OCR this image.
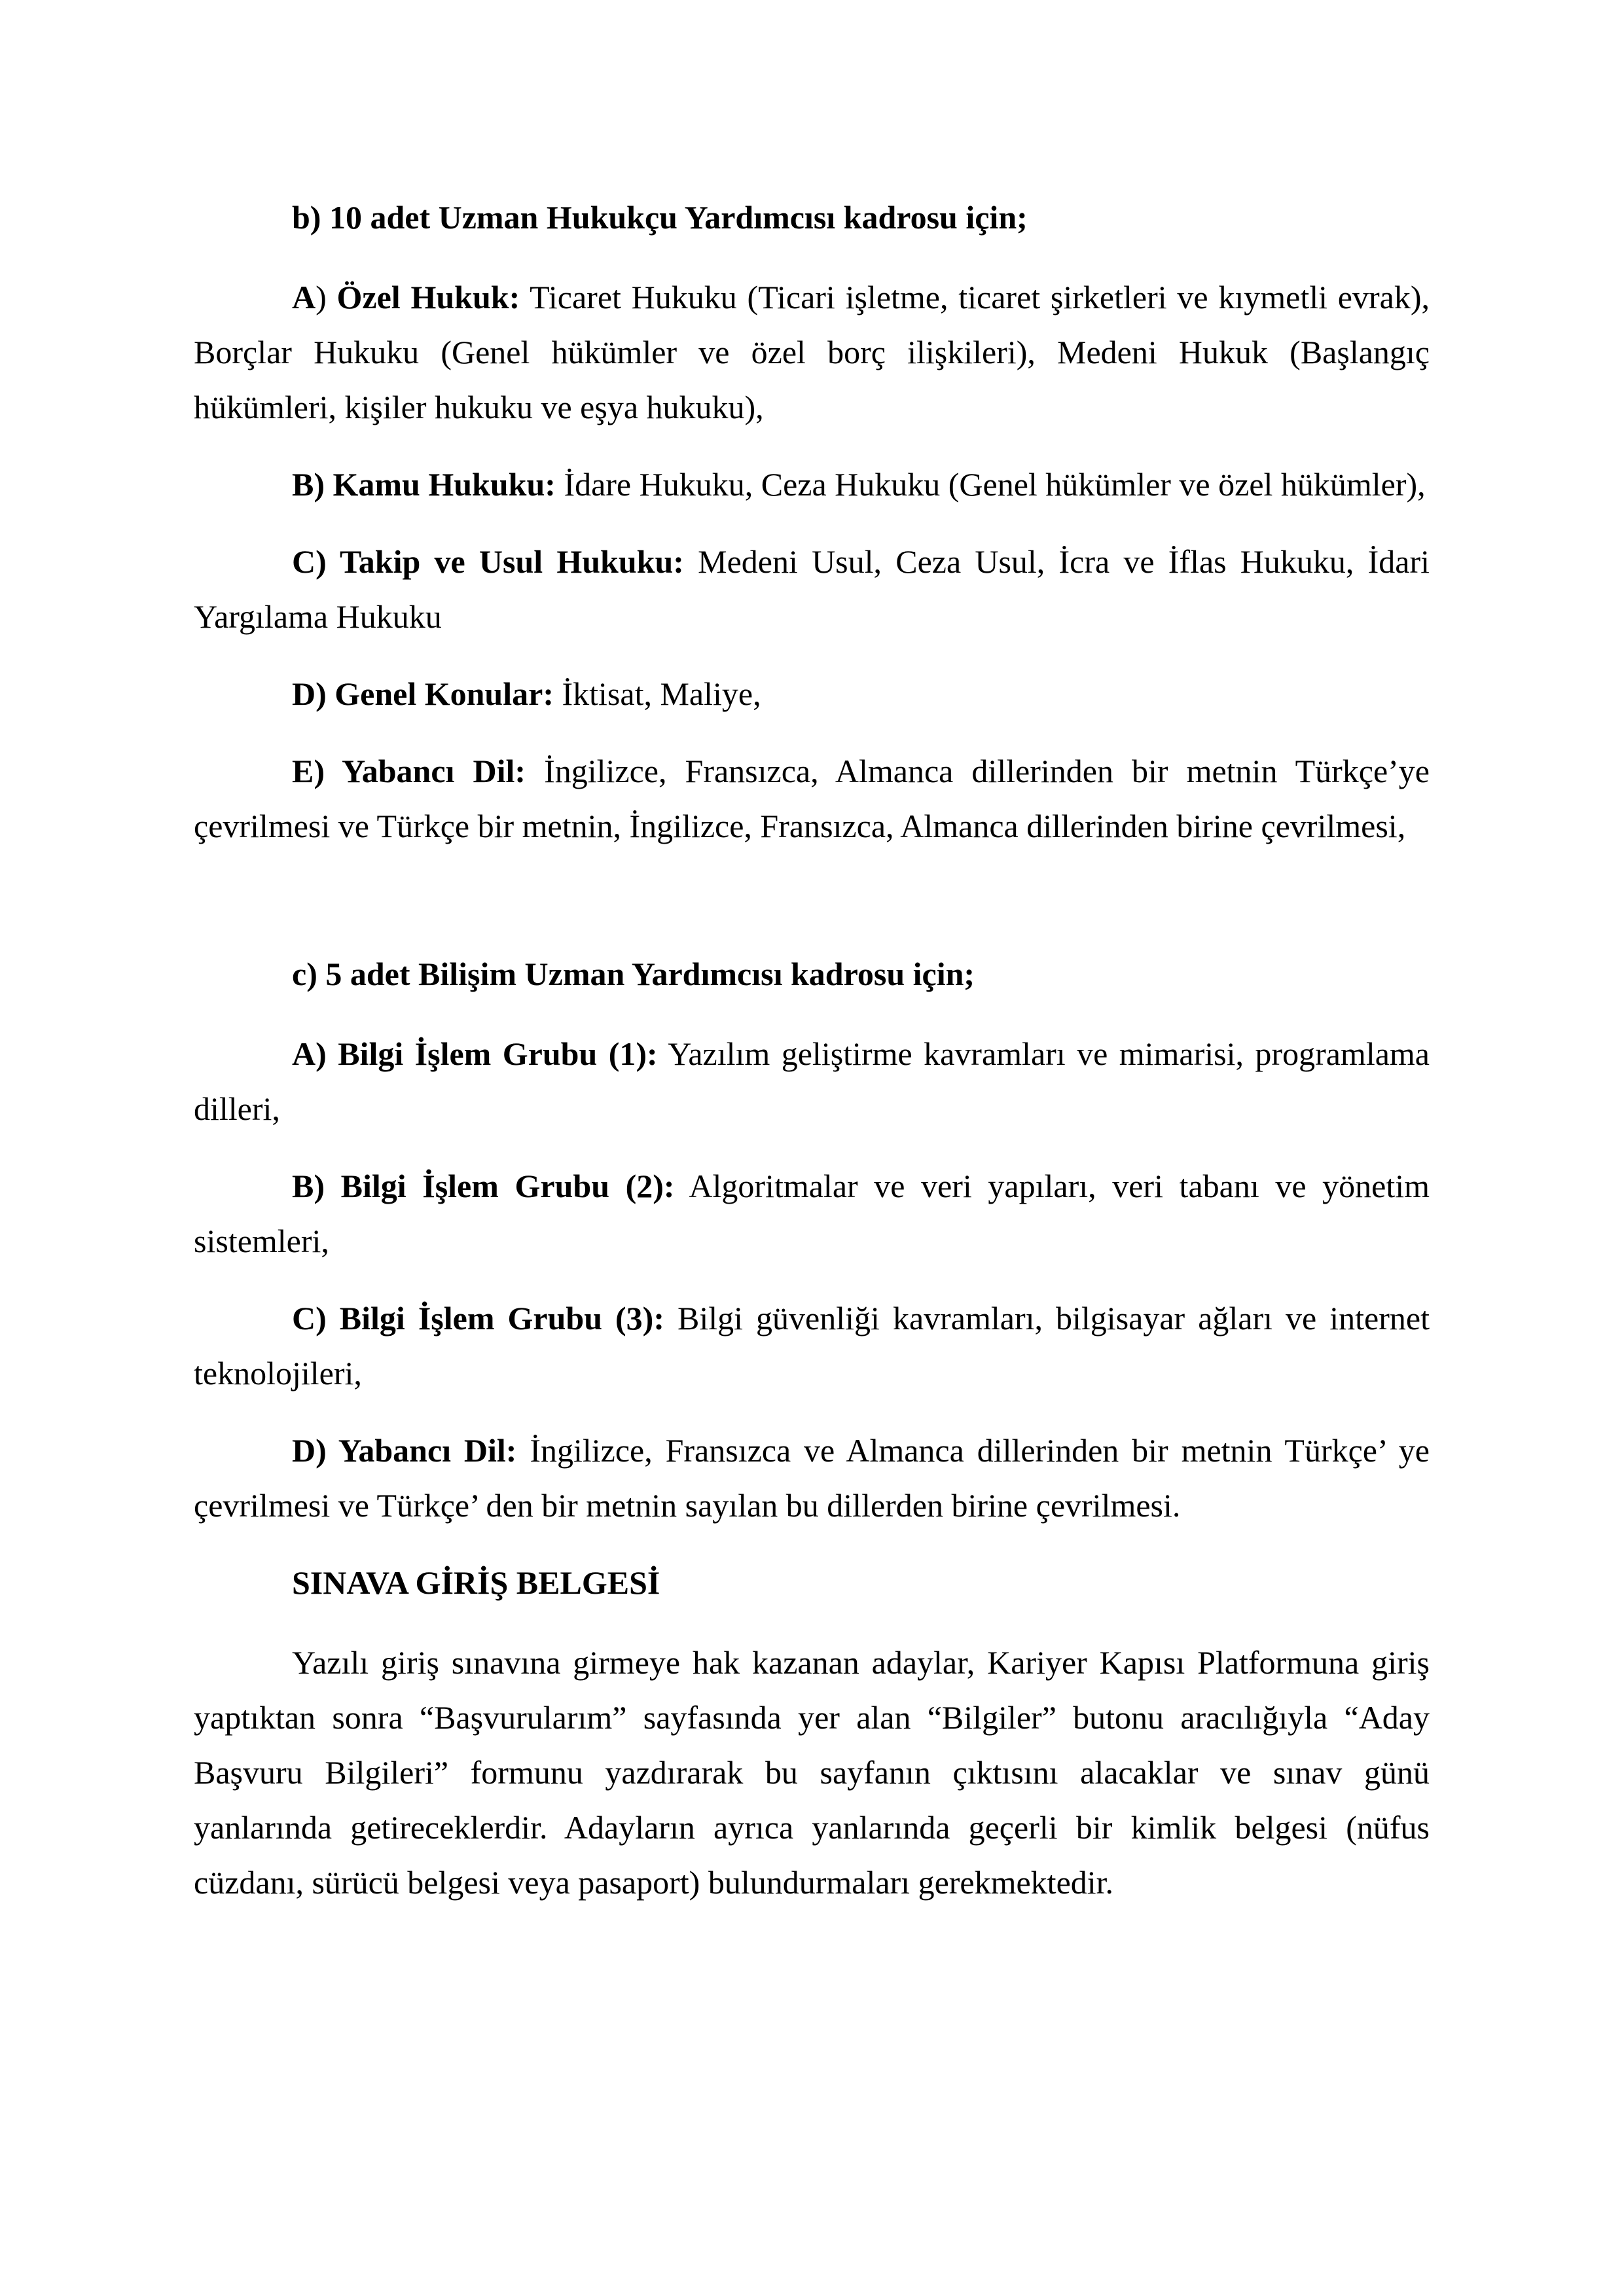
b) 10 adet Uzman Hukukçu Yardımcısı kadrosu için;

A) Özel Hukuk: Ticaret Hukuku (Ticari işletme, ticaret şirketleri ve kıymetli evrak), Borçlar Hukuku (Genel hükümler ve özel borç ilişkileri), Medeni Hukuk (Başlangıç hükümleri, kişiler hukuku ve eşya hukuku),

B) Kamu Hukuku: İdare Hukuku, Ceza Hukuku (Genel hükümler ve özel hükümler),

C) Takip ve Usul Hukuku: Medeni Usul, Ceza Usul, İcra ve İflas Hukuku, İdari Yargılama Hukuku

D) Genel Konular: İktisat, Maliye,

E) Yabancı Dil: İngilizce, Fransızca, Almanca dillerinden bir metnin Türkçe’ye çevrilmesi ve Türkçe bir metnin, İngilizce, Fransızca, Almanca dillerinden birine çevrilmesi,

c) 5 adet Bilişim Uzman Yardımcısı kadrosu için;

A) Bilgi İşlem Grubu (1): Yazılım geliştirme kavramları ve mimarisi, programlama dilleri,

B) Bilgi İşlem Grubu (2): Algoritmalar ve veri yapıları, veri tabanı ve yönetim sistemleri,

C) Bilgi İşlem Grubu (3): Bilgi güvenliği kavramları, bilgisayar ağları ve internet teknolojileri,

D) Yabancı Dil: İngilizce, Fransızca ve Almanca dillerinden bir metnin Türkçe’ ye çevrilmesi ve Türkçe’ den bir metnin sayılan bu dillerden birine çevrilmesi.

SINAVA GİRİŞ BELGESİ

Yazılı giriş sınavına girmeye hak kazanan adaylar, Kariyer Kapısı Platformuna giriş yaptıktan sonra “Başvurularım” sayfasında yer alan “Bilgiler” butonu aracılığıyla “Aday Başvuru Bilgileri” formunu yazdırarak bu sayfanın çıktısını alacaklar ve sınav günü yanlarında getireceklerdir. Adayların ayrıca yanlarında geçerli bir kimlik belgesi (nüfus cüzdanı, sürücü belgesi veya pasaport) bulundurmaları gerekmektedir.
